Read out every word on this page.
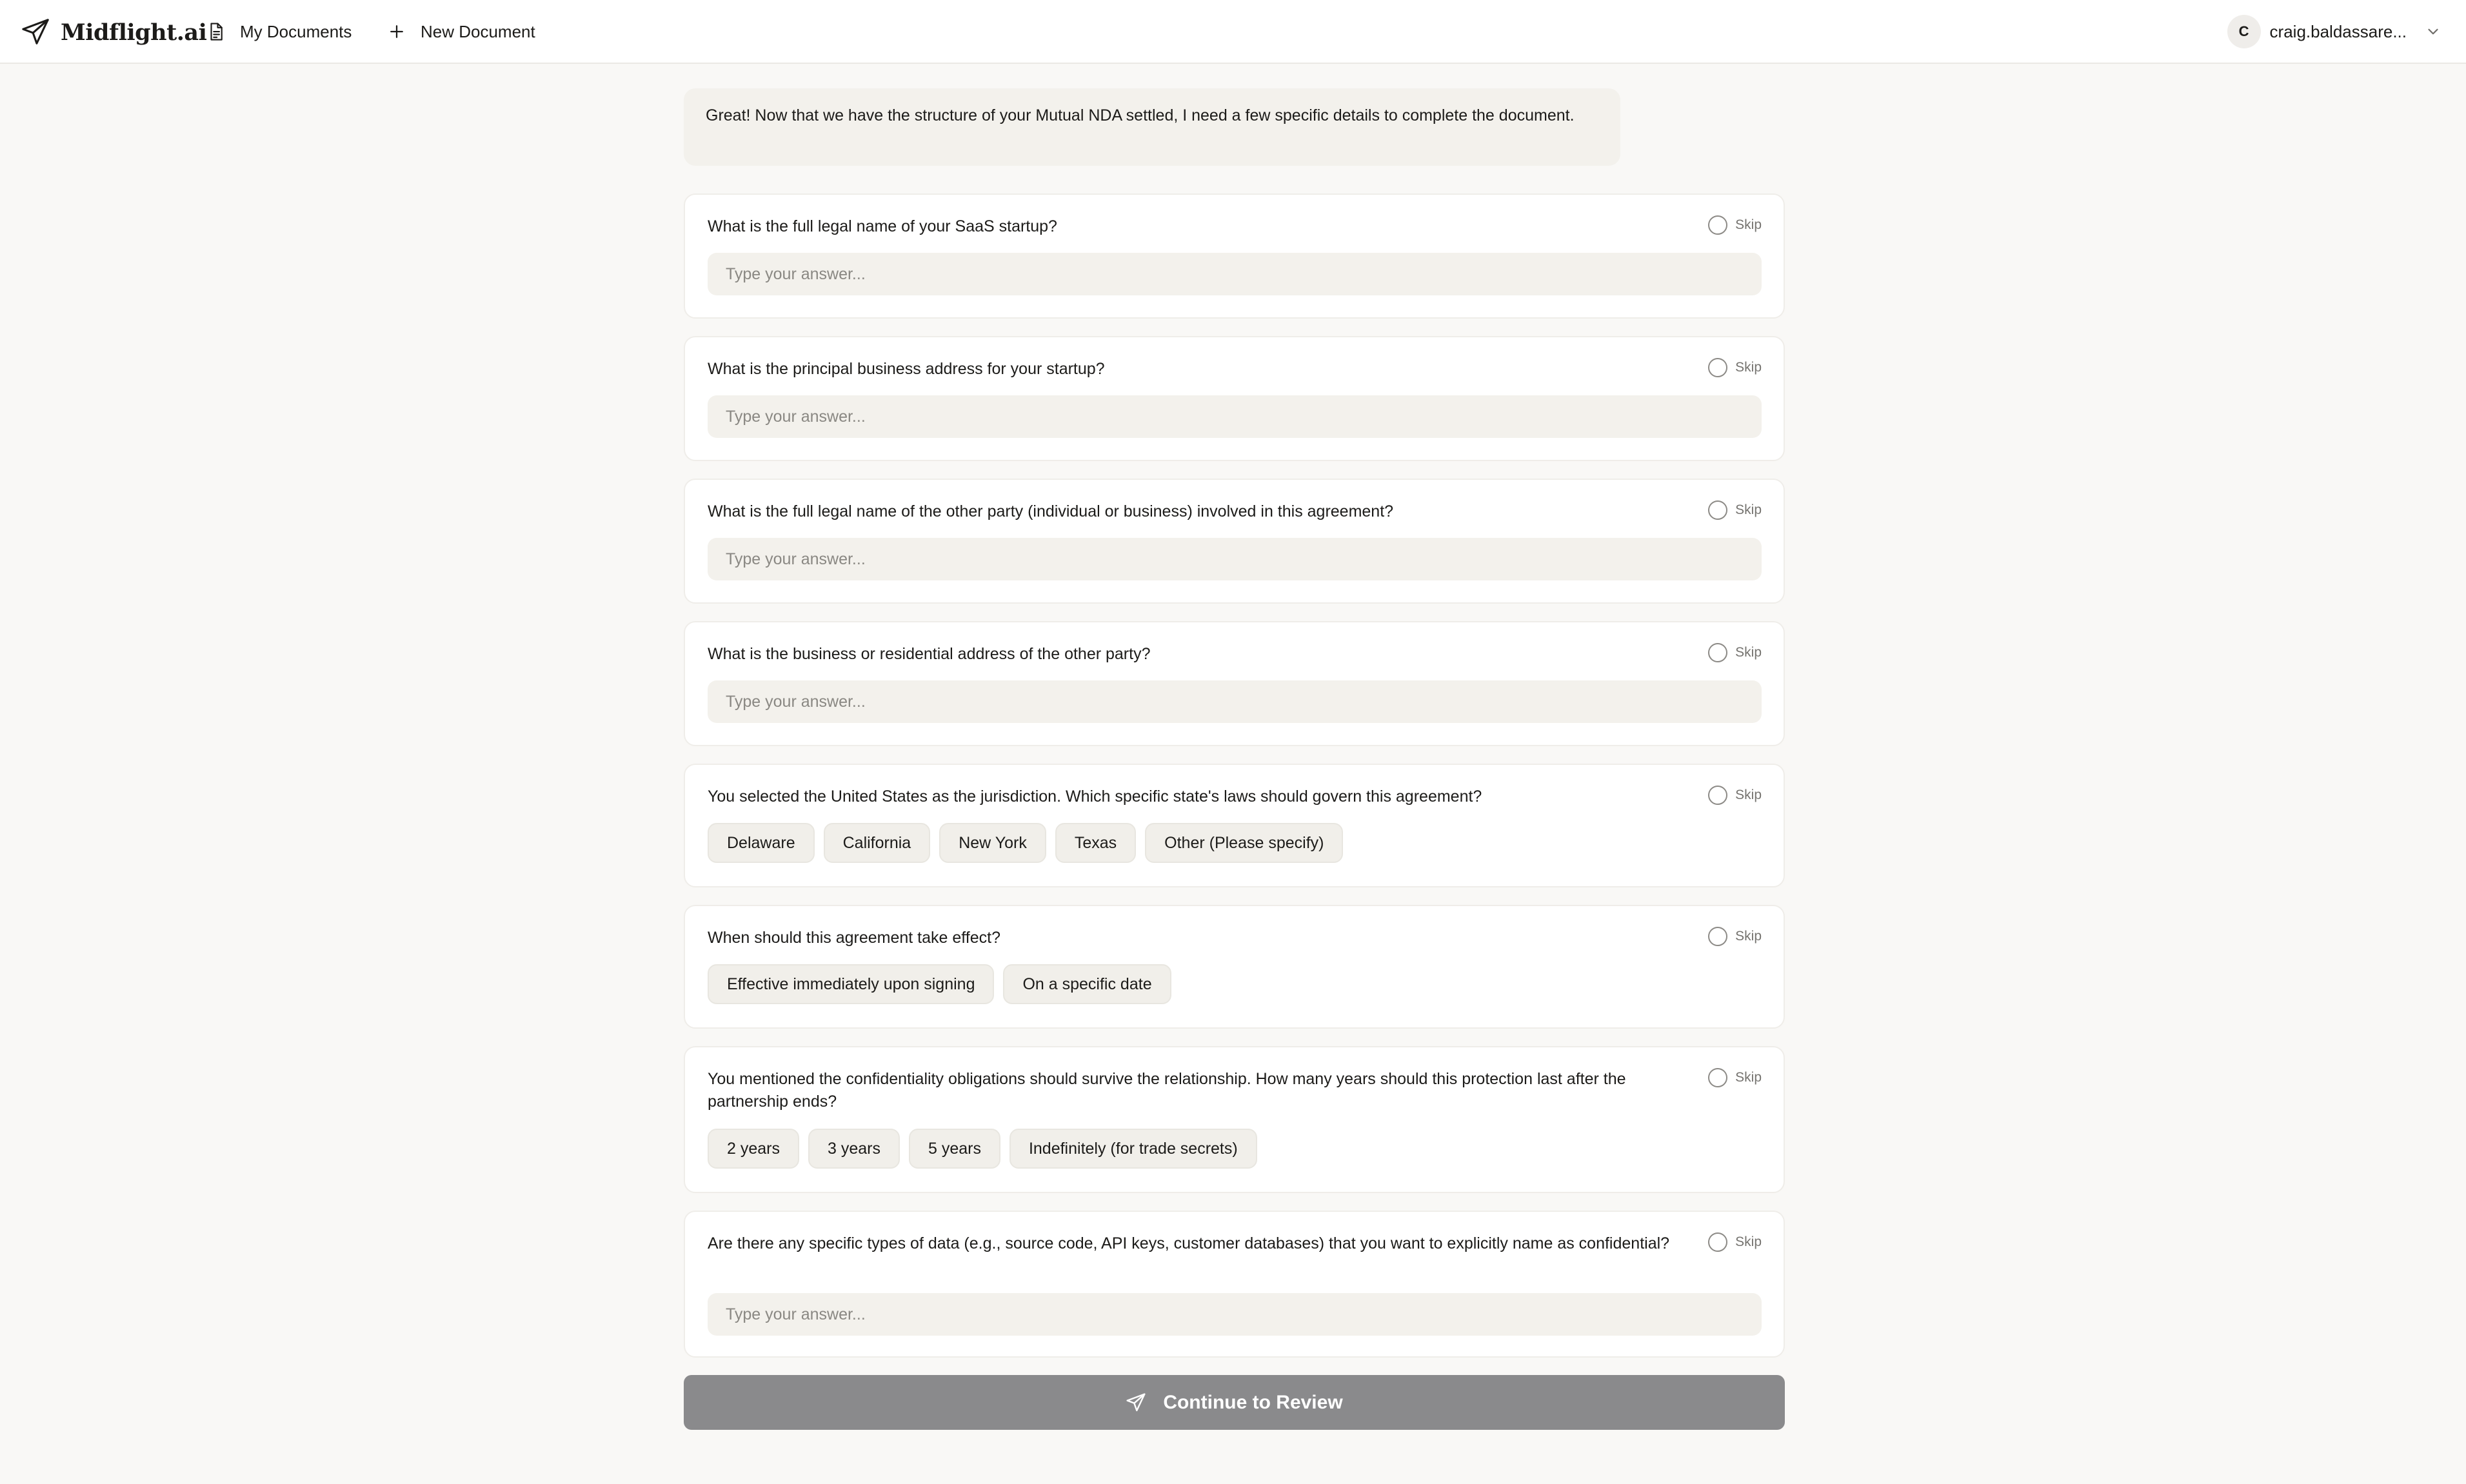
Midflight.ai My Documents	New Document	C	craig.baldassare...
Great! Now that we have the structure of your Mutual NDA settled, I need a few specific details to complete the document.
What is the full legal name of your SaaS startup?	Skip
Type your answer...
What is the principal business address for your startup?	Skip
Type your answer...
What is the full legal name of the other party (individual or business) involved in this agreement?	Skip
Type your answer...
What is the business or residential address of the other party?	Skip
Type your answer...
You selected the United States as the jurisdiction. Which specific state's laws should govern this agreement?	Skip
Delaware	California	New York	Texas	Other (Please specify)
When should this agreement take effect?	Skip
Effective immediately upon signing	On a specific date
You mentioned the confidentiality obligations should survive the relationship. How many years should this protection last after the partnership ends?
Skip
2 years	3 years	5 years	Indefinitely (for trade secrets)
Are there any specific types of data (e.g., source code, API keys, customer databases) that you want to explicitly name as confidential?	Skip
Type your answer...
Continue to Review
